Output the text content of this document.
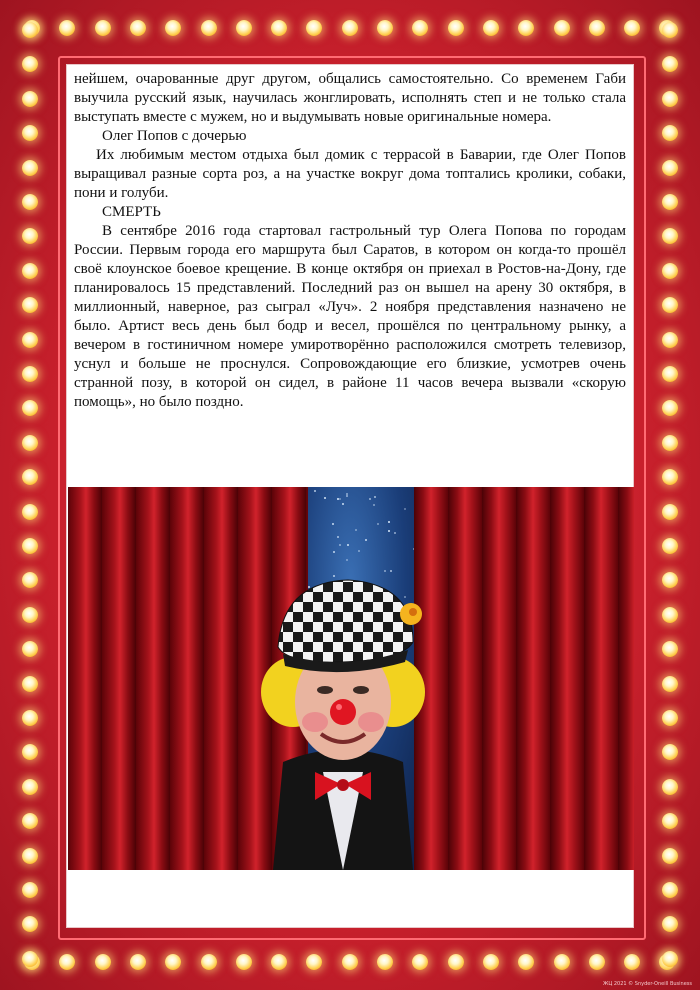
нейшем, очарованные друг другом, общались самостоятельно. Со временем Габи выучила русский язык, научилась жонглировать, исполнять степ и не только стала выступать вместе с мужем, но и выдумывать новые оригинальные номера.

Олег Попов с дочерью

Их любимым местом отдыха был домик с террасой в Баварии, где Олег Попов выращивал разные сорта роз, а на участке вокруг дома топтались кролики, собаки, пони и голуби.

СМЕРТЬ

В сентябре 2016 года стартовал гастрольный тур Олега Попова по городам России. Первым города его маршрута был Саратов, в котором он когда-то прошёл своё клоунское боевое крещение. В конце октября он приехал в Ростов-на-Дону, где планировалось 15 представлений. Последний раз он вышел на арену 30 октября, в миллионный, наверное, раз сыграл «Луч». 2 ноября представления назначено не было. Артист весь день был бодр и весел, прошёлся по центральному рынку, а вечером в гостиничном номере умиротворённо расположился смотреть телевизор, уснул и больше не проснулся. Сопровождающие его близкие, усмотрев очень странной позу, в которой он сидел, в районе 11 часов вечера вызвали «скорую помощь», но было поздно.

ЖЦ 2021 © Snyder-Oneill Business
